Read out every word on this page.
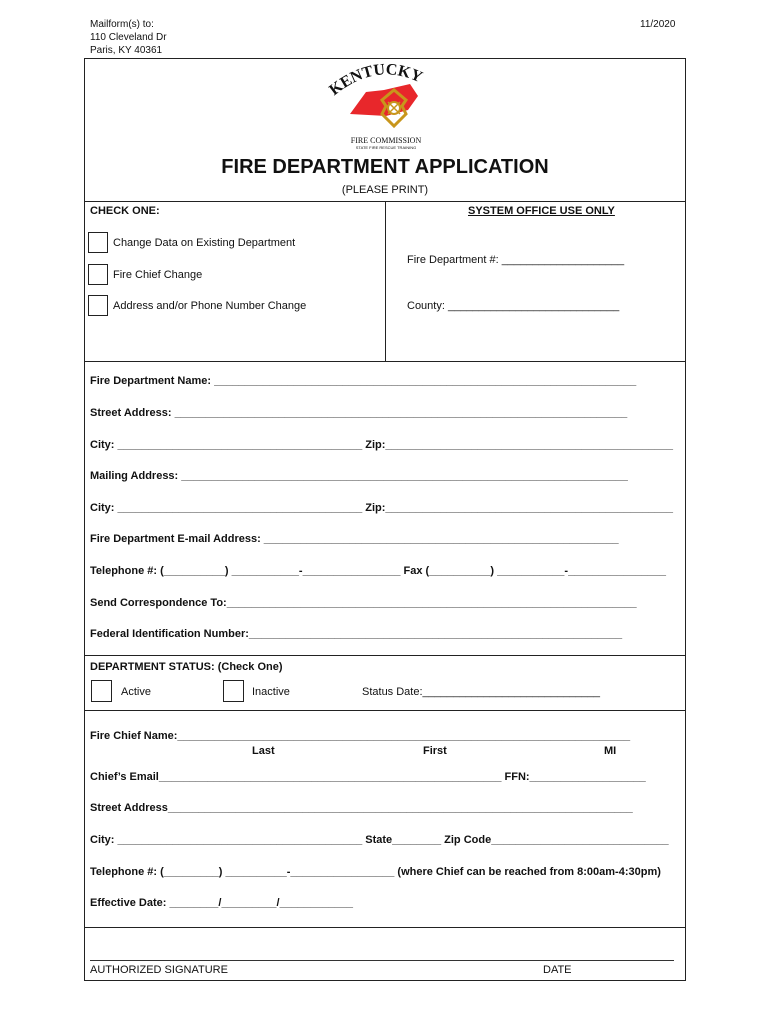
Mailform(s) to:
110 Cleveland Dr
Paris, KY 40361
11/2020
KENTUCKY
FIRE COMMISSION
STATE FIRE RESCUE TRAINING
FIRE DEPARTMENT APPLICATION
(PLEASE PRINT)
CHECK ONE:	SYSTEM OFFICE USE ONLY
Change Data on Existing Department
Fire Chief Change
Address and/or Phone Number Change
Fire Department #: ____________________
County: ____________________________
Fire Department Name: _____________________________________________________________________
Street Address: __________________________________________________________________________
City: ________________________________________ Zip:_______________________________________________
Mailing Address: _________________________________________________________________________
City: ________________________________________ Zip:_______________________________________________
Fire Department E-mail Address: __________________________________________________________
Telephone #: (__________) ___________-________________ Fax (__________) ___________-________________
Send Correspondence To:___________________________________________________________________
Federal Identification Number:_____________________________________________________________
DEPARTMENT STATUS: (Check One)
Active	Inactive	Status Date:_____________________________
Fire Chief Name:__________________________________________________________________________
Last	First	MI
Chief’s Email________________________________________________________ FFN:___________________
Street Address____________________________________________________________________________
City: ________________________________________ State________ Zip Code_____________________________
Telephone #: (_________) __________-_________________ (where Chief can be reached from 8:00am-4:30pm)
Effective Date: ________/_________/____________
AUTHORIZED SIGNATURE	DATE
